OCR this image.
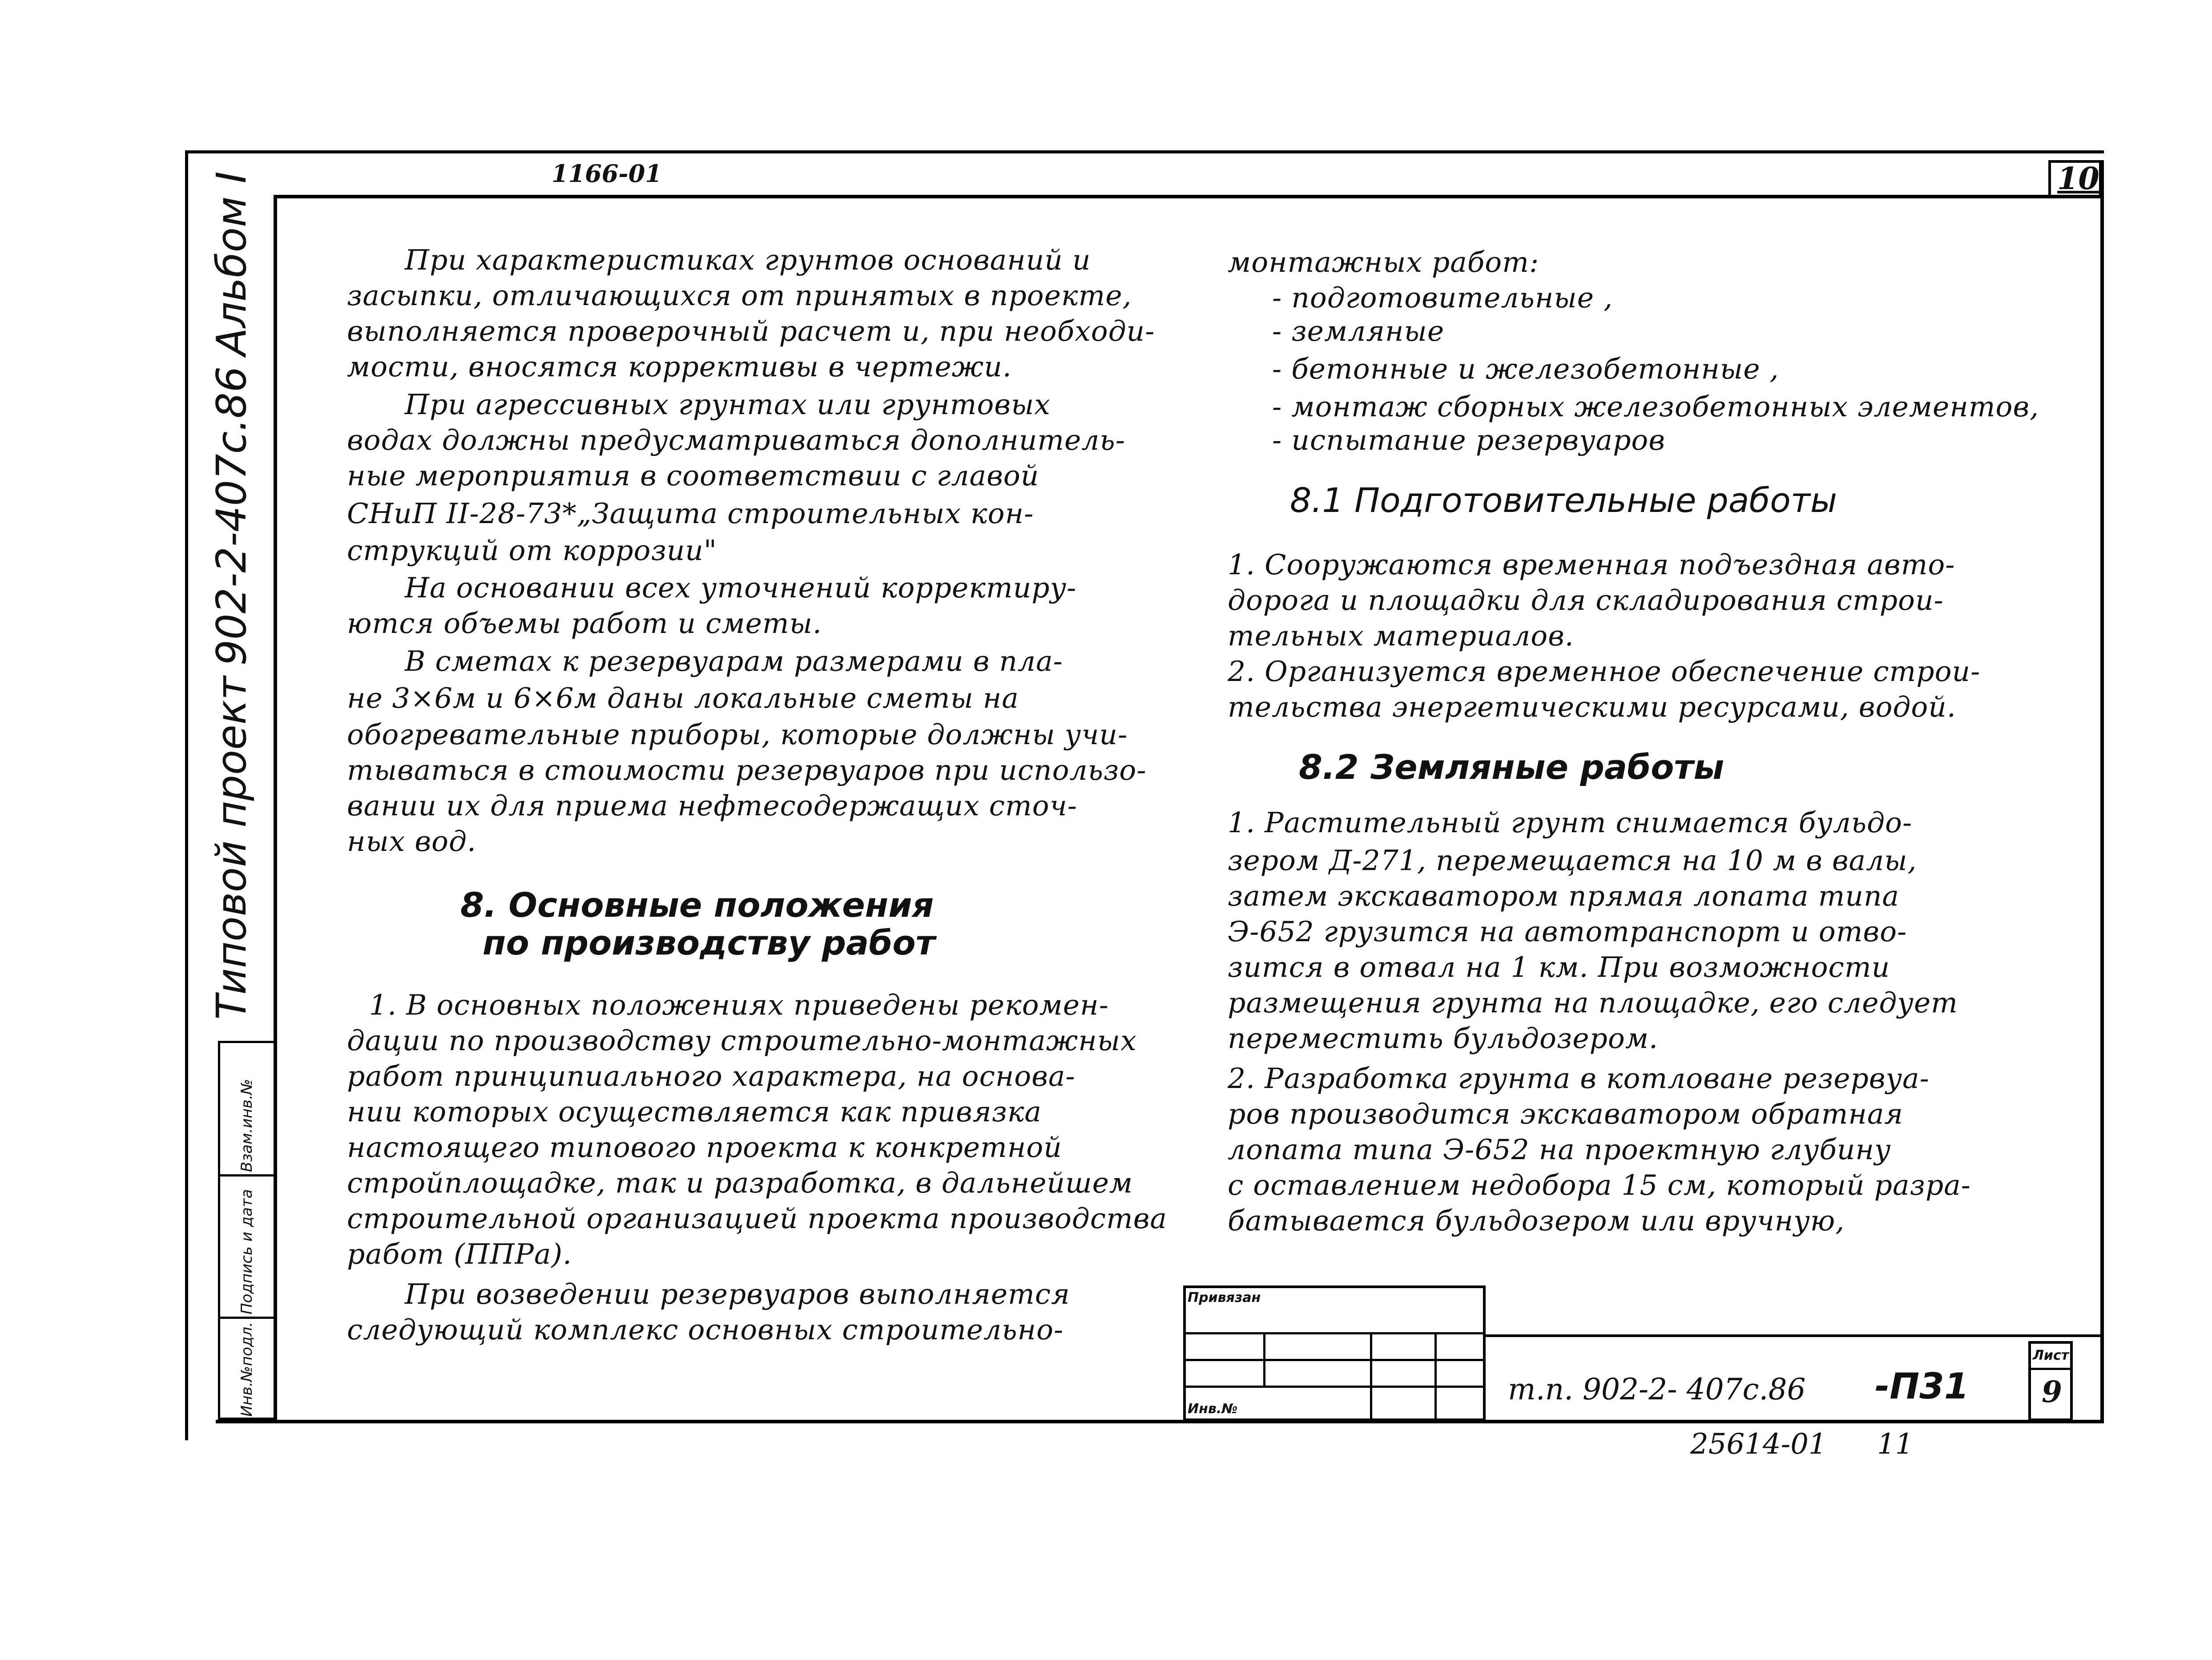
10
1166-01
Типовой проект
902-2-407с.86
Альбом I
Инв.№подл.
Подпись и дата
Взам.инв.№
При характеристиках грунтов оснований и
засыпки, отличающихся от принятых в проекте,
выполняется проверочный расчет и, при необходи-
мости, вносятся коррективы в чертежи.
При агрессивных грунтах или грунтовых
водах должны предусматриваться дополнитель-
ные мероприятия в соответствии с главой
СНиП II-28-73*„Защита строительных кон-
струкций от коррозии"
На основании всех уточнений корректиру-
ются объемы работ и сметы.
В сметах к резервуарам размерами в пла-
не 3×6м и 6×6м даны локальные сметы на
обогревательные приборы, которые должны учи-
тываться в стоимости резервуаров при использо-
вании их для приема нефтесодержащих сточ-
ных вод.
8. Основные положения
по производству работ
1. В основных положениях приведены рекомен-
дации по производству строительно-монтажных
работ принципиального характера, на основа-
нии которых осуществляется как привязка
настоящего типового проекта к конкретной
стройплощадке, так и разработка, в дальнейшем
строительной организацией проекта производства
работ (ППРа).
При возведении резервуаров выполняется
следующий комплекс основных строительно-
монтажных работ:
- подготовительные ,
- земляные
- бетонные и железобетонные ,
- монтаж сборных железобетонных элементов,
- испытание резервуаров
8.1 Подготовительные работы
1. Сооружаются временная подъездная авто-
дорога и площадки для складирования строи-
тельных материалов.
2. Организуется временное обеспечение строи-
тельства энергетическими ресурсами, водой.
8.2 Земляные работы
1. Растительный грунт снимается бульдо-
зером Д-271, перемещается на 10 м в валы,
затем экскаватором прямая лопата типа
Э-652 грузится на автотранспорт и отво-
зится в отвал на 1 км. При возможности
размещения грунта на площадке, его следует
переместить бульдозером.
2. Разработка грунта в котловане резервуа-
ров производится экскаватором обратная
лопата типа Э-652 на проектную глубину
с оставлением недобора 15 см, который разра-
батывается бульдозером или вручную,
Привязан
Инв.№
т.п. 902-2- 407с.86 -П31
Лист
9
25614-01 11
